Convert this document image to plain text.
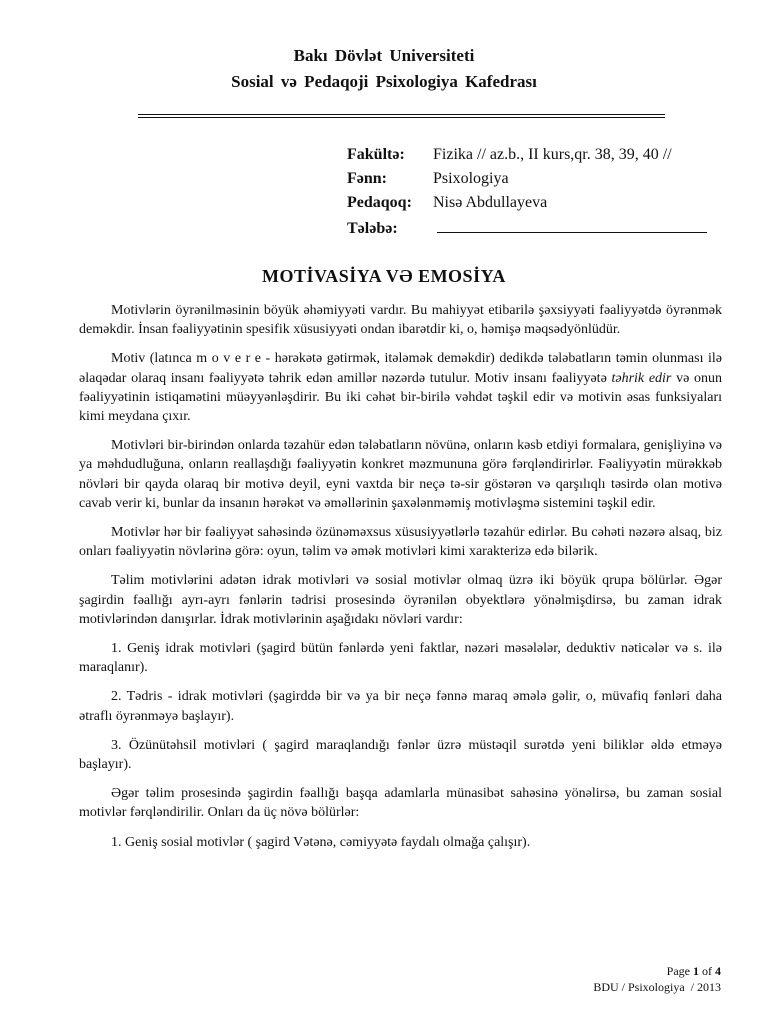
Bakı Dövlət Universiteti
Sosial və Pedaqoji Psixologiya Kafedrası
Fakültə:	Fizika // az.b., II kurs,qr. 38, 39, 40 //
Fənn:	Psixologiya
Pedaqoq:	Nisə Abdullayeva
Tələbə:
MOTİVASİYA VƏ EMOSİYA

Motivlərin öyrənilməsinin böyük əhəmiyyəti vardır. Bu mahiyyət etibarilə şəxsiyyəti fəaliyyətdə öyrənmək deməkdir. İnsan fəaliyyətinin spesifik xüsusiyyəti ondan ibarətdir ki, o, həmişə məqsədyönlüdür.

Motiv (latınca m o v e r e - hərəkətə gətirmək, itələmək deməkdir) dedikdə tələbatların təmin olunması ilə əlaqədar olaraq insanı fəaliyyətə təhrik edən amillər nəzərdə tutulur. Motiv insanı fəaliyyətə təhrik edir və onun fəaliyyətinin istiqamətini müəyyənləşdirir. Bu iki cəhət bir-birilə vəhdət təşkil edir və motivin əsas funksiyaları kimi meydana çıxır.

Motivləri bir-birindən onlarda təzahür edən tələbatların növünə, onların kəsb etdiyi formalara, genişliyinə və ya məhdudluğuna, onların reallaşdığı fəaliyyətin konkret məzmununa görə fərqləndirirlər. Fəaliyyətin mürəkkəb növləri bir qayda olaraq bir motivə deyil, eyni vaxtda bir neçə tə-sir göstərən və qarşılıqlı təsirdə olan motivə cavab verir ki, bunlar da insanın hərəkət və əməllərinin şaxələnməmiş motivləşmə sistemini təşkil edir.

Motivlər hər bir fəaliyyət sahəsində özünəməxsus xüsusiyyətlərlə təzahür edirlər. Bu cəhəti nəzərə alsaq, biz onları fəaliyyətin növlərinə görə: oyun, təlim və əmək motivləri kimi xarakterizə edə bilərik.

Təlim motivlərini adətən idrak motivləri və sosial motivlər olmaq üzrə iki böyük qrupa bölürlər. Əgər şagirdin fəallığı ayrı-ayrı fənlərin tədrisi prosesində öyrənilən obyektlərə yönəlmişdirsə, bu zaman idrak motivlərindən danışırlar. İdrak motivlərinin aşağıdakı növləri vardır:

1. Geniş idrak motivləri (şagird bütün fənlərdə yeni faktlar, nəzəri məsələlər, deduktiv nəticələr və s. ilə maraqlanır).

2. Tədris - idrak motivləri (şagirddə bir və ya bir neçə fənnə maraq əmələ gəlir, o, müvafiq fənləri daha ətraflı öyrənməyə başlayır).

3. Özünütəhsil motivləri ( şagird maraqlandığı fənlər üzrə müstəqil surətdə yeni biliklər əldə etməyə başlayır).

Əgər təlim prosesində şagirdin fəallığı başqa adamlarla münasibət sahəsinə yönəlirsə, bu zaman sosial motivlər fərqləndirilir. Onları da üç növə bölürlər:

1. Geniş sosial motivlər ( şagird Vətənə, cəmiyyətə faydalı olmağa çalışır).

Page 1 of 4
BDU / Psixologiya  / 2013
